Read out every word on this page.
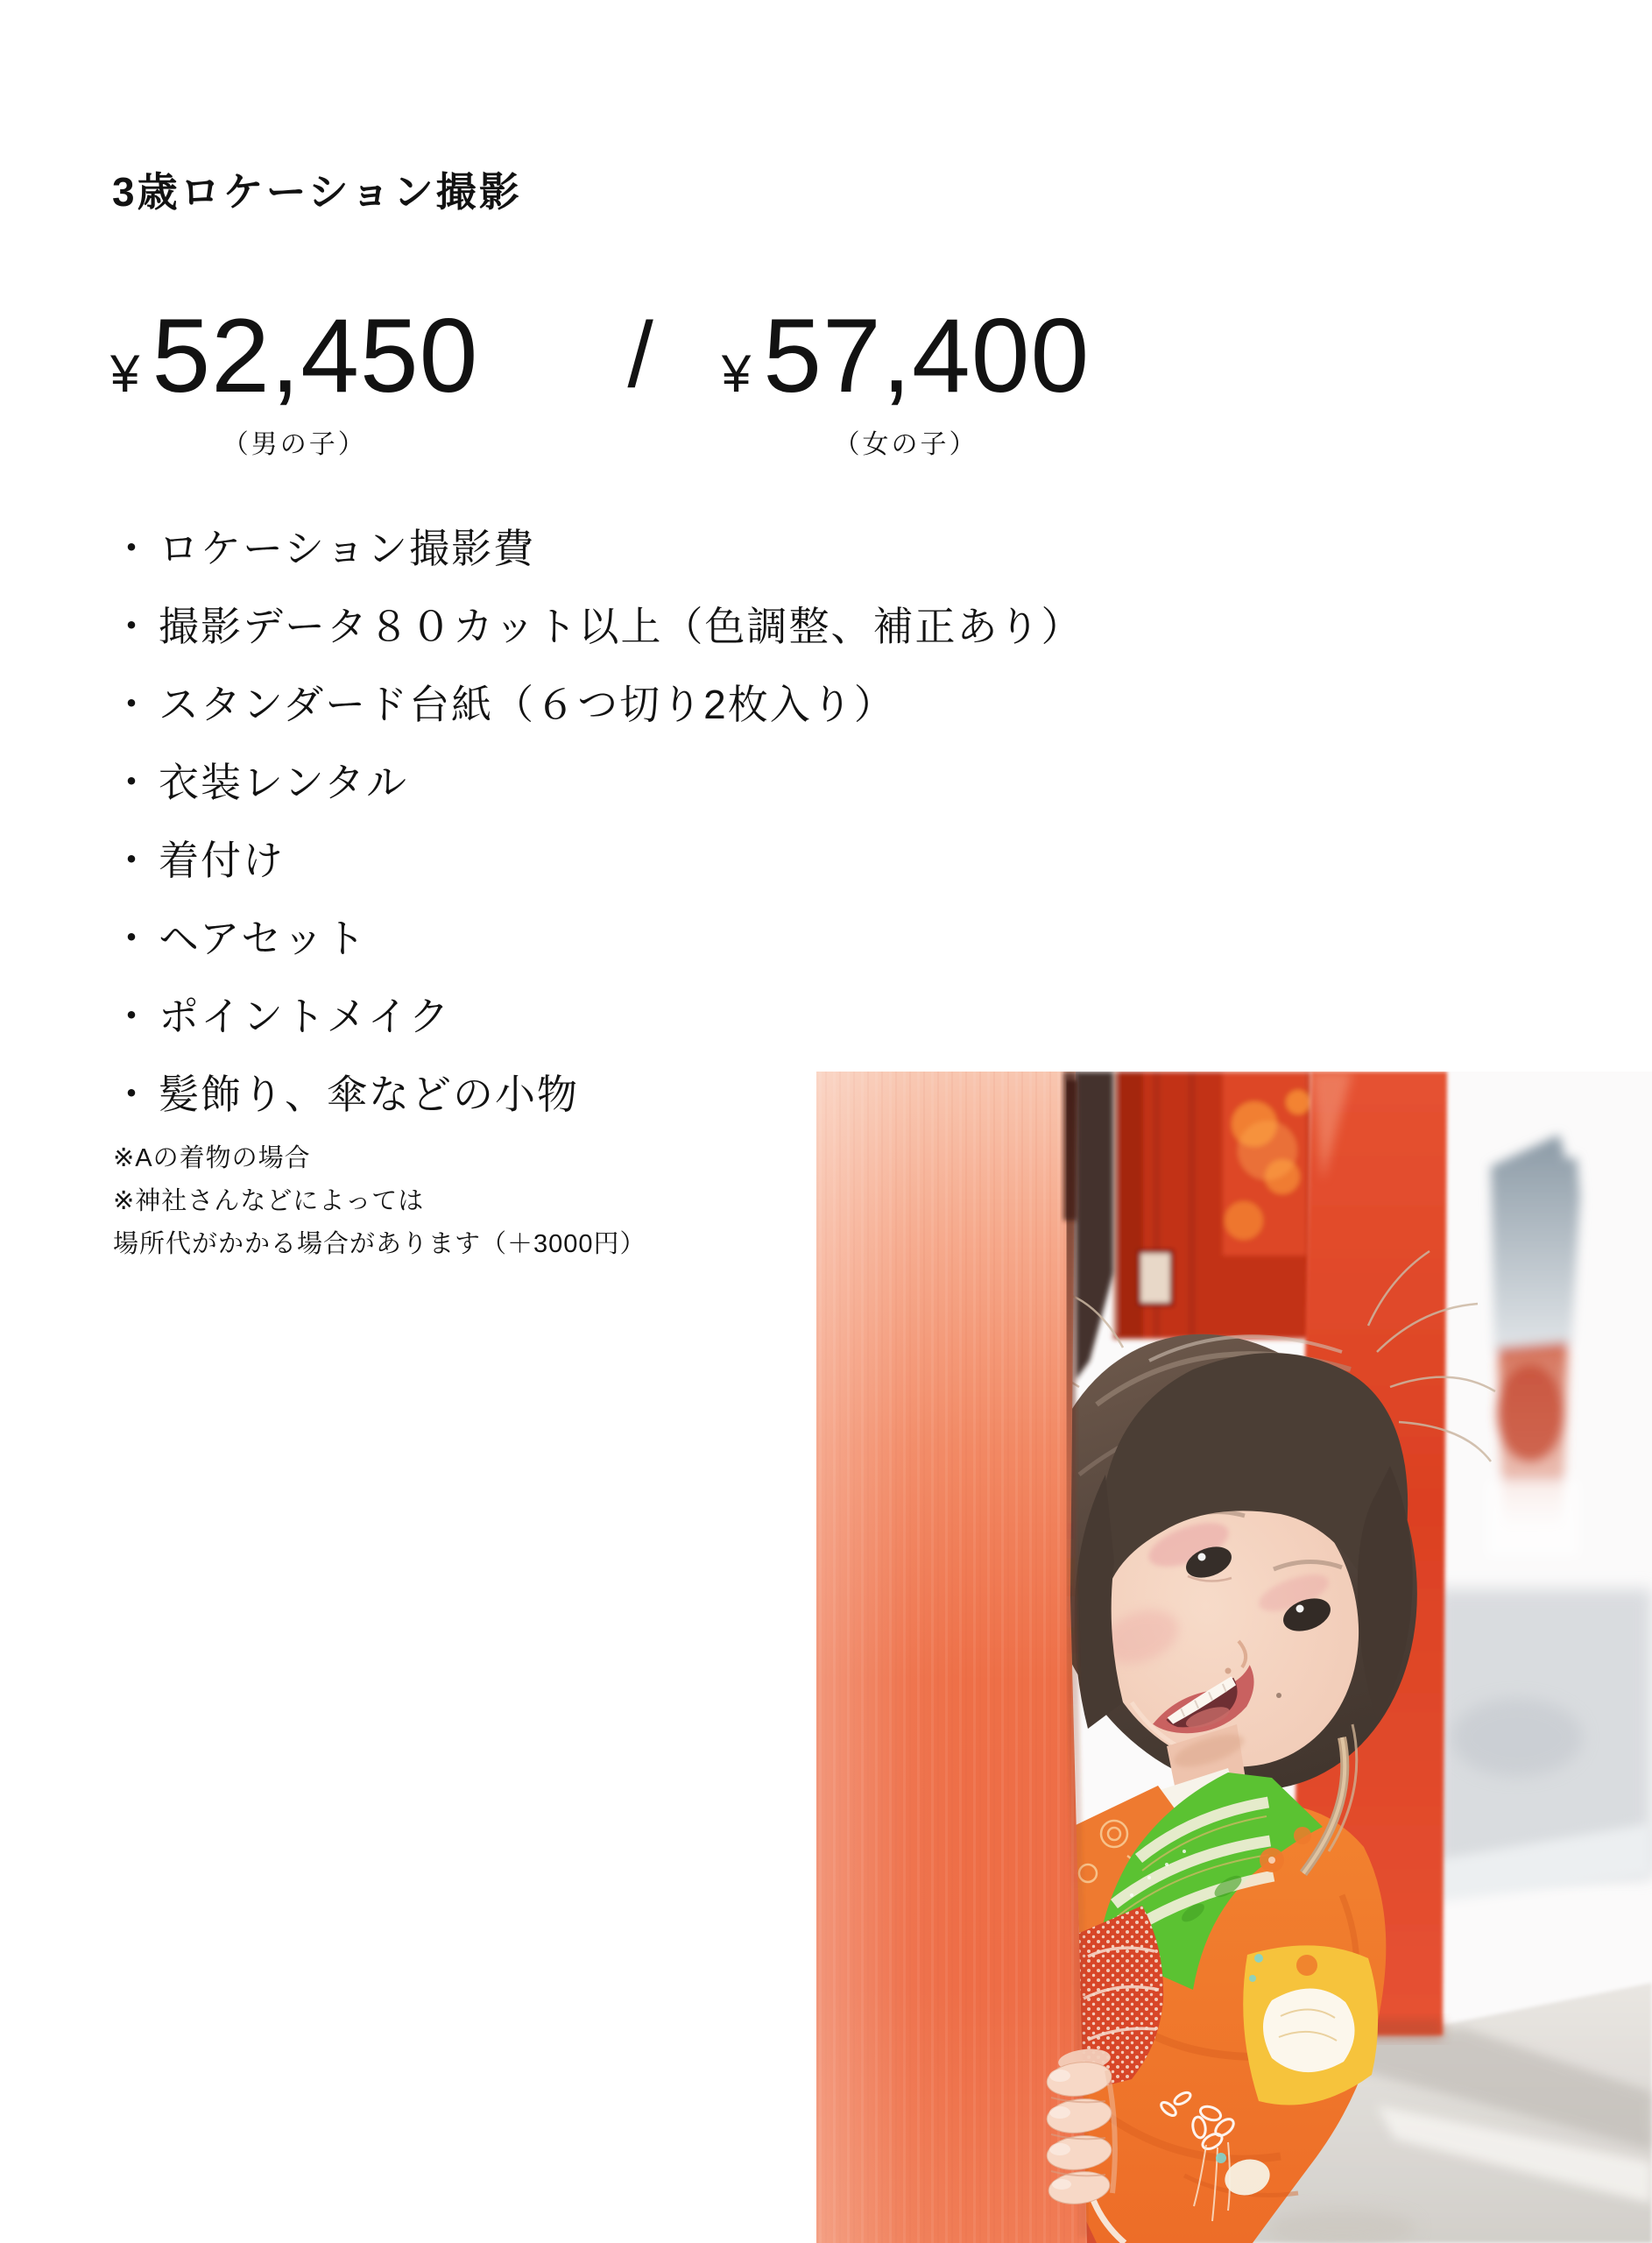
3歳ロケーション撮影
¥ 52,450
（男の子）
/ ¥ 57,400
（女の子）
・ ロケーション撮影費
・ 撮影データ８０カット以上（色調整、補正あり）
・ スタンダード台紙（６つ切り2枚入り）
・ 衣装レンタル
・ 着付け
・ ヘアセット
・ ポイントメイク
・ 髪飾り、傘などの小物
※Aの着物の場合
※神社さんなどによっては
場所代がかかる場合があります（＋3000円）
